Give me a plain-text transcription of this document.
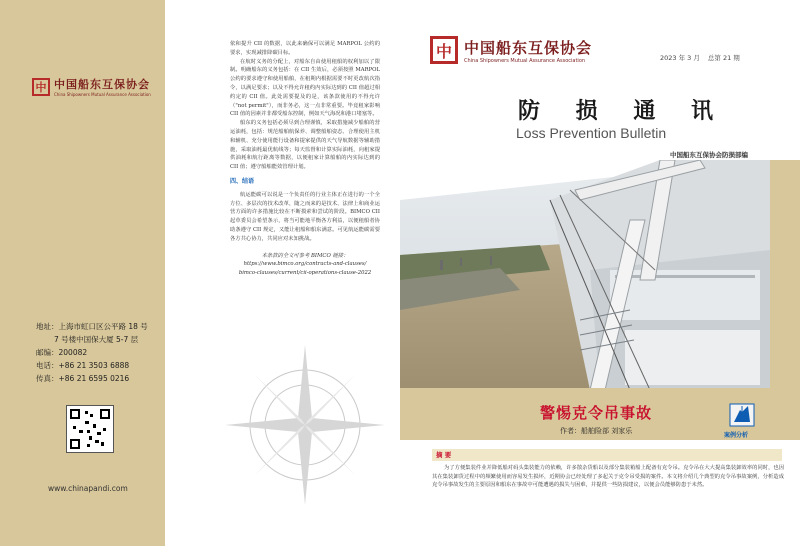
中 中国船东互保协会
China Shipowners Mutual Assurance Association
地址：上海市虹口区公平路 18 号
7 号楼中国保大厦 5-7 层
邮编：200082
电话：+86 21 3503 6888
传真：+86 21 6595 0216
www.chinapandi.com

依和提升 CII 的数据，以此来确保可以满足 MARPOL 公约的要求，实现减排降碳目标。

在航时义务的分配上，对船东自由使用租船的权利加以了限制。明确船东的义务包括：在 CII 生效后，必须按照 MARPOL 公约的要求遵守和使用船舶，在租期内根据需要不时更改航次指令，以满足要求；以及不得允许租约内实际达到的 CII 值超过相约定的 CII 值。此处需要提及的是，该条款使用的不得允许（"not permit"），而非务必，这一点非常重要。毕竟租家影响 CII 值的因素并非都受船东控制，例如天气海况和港口堵塞等。

船东的义务包括必须尽到合理谨慎，采取措施减少船舶的营运油耗，包括：规范船舶航保养、调整船舶姿态、合理使用主机和辅机、充分使用能行设备和提家提供的天气导航数据等辅助措施，采取油耗最优航线等；每天监督和计算实际油耗，向租家提供油耗和航行距离等数据，以便租家计算船舶的内实际达到的 CII 值；遵守船舶能效管理计划。

四、结语

航运能碳可以说是一个负责任的行业主体正在进行的一个全方位、多层次的技术改革，随之而来的是技术、法律上和商业运营方面的许多措施比较在不断摸索和尝试的阶段。BIMCO CII 起草委员会希望条示，将当可能地平衡各方利益，以便租船者协助条遵守 CII 规定，又能让租船和船东满意。可见航运能碳需要各方共心协力，共同应对未知挑战。

本条款的全文可参考 BIMCO 链接：
https://www.bimco.org/contracts-and-clauses/
bimco-clauses/current/cii-operations-clause-2022
中 中国船东互保协会
China Shipowners Mutual Assurance Association	2023 年 3 月 总第 21 期
防 损 通 讯
Loss Prevention Bulletin
中国船东互保协会防损部编
警惕克令吊事故
作者：船舶险部 刘家乐
案例分析
摘 要
为了方便集装件业并降低船对码头集装能力的依赖，许多散杂货船以及部分集装箱船上配备有克令吊。克令吊在大大提高集装卸效率的同时，也因其在集装卸货过程中的频繁使用而容易发生损坏，近期协会已经处理了多起关于克令吊受损的案件。本文将介绍几个典型的克令吊事故案例，分析造成克令吊事故发生的主要原因和船东在事故中可能遭遇的损失与困难，并提供一些防损建议，以便会员能够防患于未然。
